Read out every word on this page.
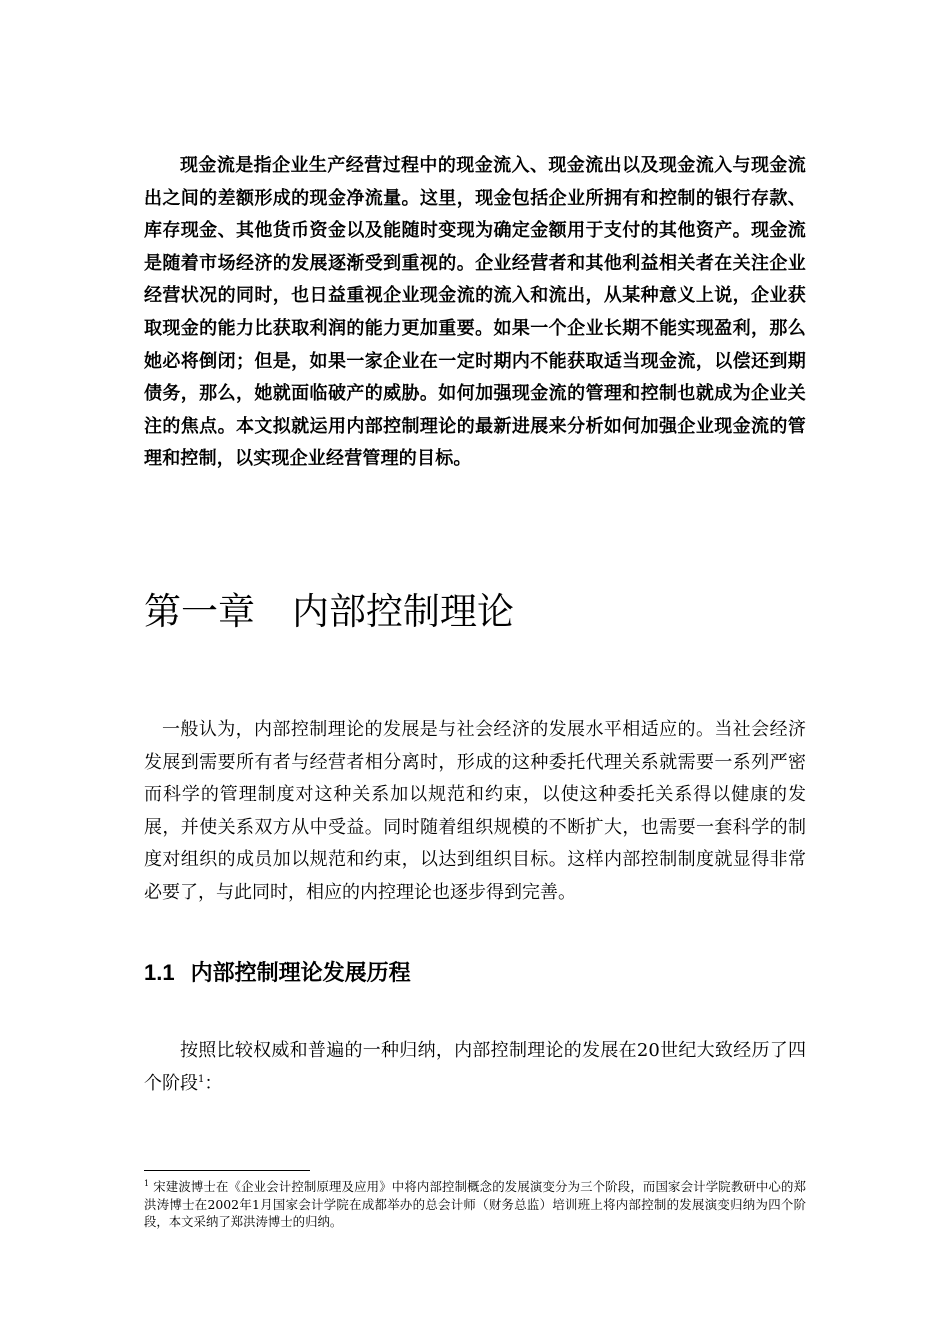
现金流是指企业生产经营过程中的现金流入、现金流出以及现金流入与现金流出之间的差额形成的现金净流量。这里，现金包括企业所拥有和控制的银行存款、库存现金、其他货币资金以及能随时变现为确定金额用于支付的其他资产。现金流是随着市场经济的发展逐渐受到重视的。企业经营者和其他利益相关者在关注企业经营状况的同时，也日益重视企业现金流的流入和流出，从某种意义上说，企业获取现金的能力比获取利润的能力更加重要。如果一个企业长期不能实现盈利，那么她必将倒闭；但是，如果一家企业在一定时期内不能获取适当现金流，以偿还到期债务，那么，她就面临破产的威胁。如何加强现金流的管理和控制也就成为企业关注的焦点。本文拟就运用内部控制理论的最新进展来分析如何加强企业现金流的管理和控制，以实现企业经营管理的目标。

第一章　内部控制理论

一般认为，内部控制理论的发展是与社会经济的发展水平相适应的。当社会经济发展到需要所有者与经营者相分离时，形成的这种委托代理关系就需要一系列严密而科学的管理制度对这种关系加以规范和约束，以使这种委托关系得以健康的发展，并使关系双方从中受益。同时随着组织规模的不断扩大，也需要一套科学的制度对组织的成员加以规范和约束，以达到组织目标。这样内部控制制度就显得非常必要了，与此同时，相应的内控理论也逐步得到完善。

1.1 内部控制理论发展历程

按照比较权威和普遍的一种归纳，内部控制理论的发展在20世纪大致经历了四个阶段$^1$：

$^1$ 宋建波博士在《企业会计控制原理及应用》中将内部控制概念的发展演变分为三个阶段，而国家会计学院教研中心的郑洪涛博士在2002年1月国家会计学院在成都举办的总会计师（财务总监）培训班上将内部控制的发展演变归纳为四个阶段，本文采纳了郑洪涛博士的归纳。
